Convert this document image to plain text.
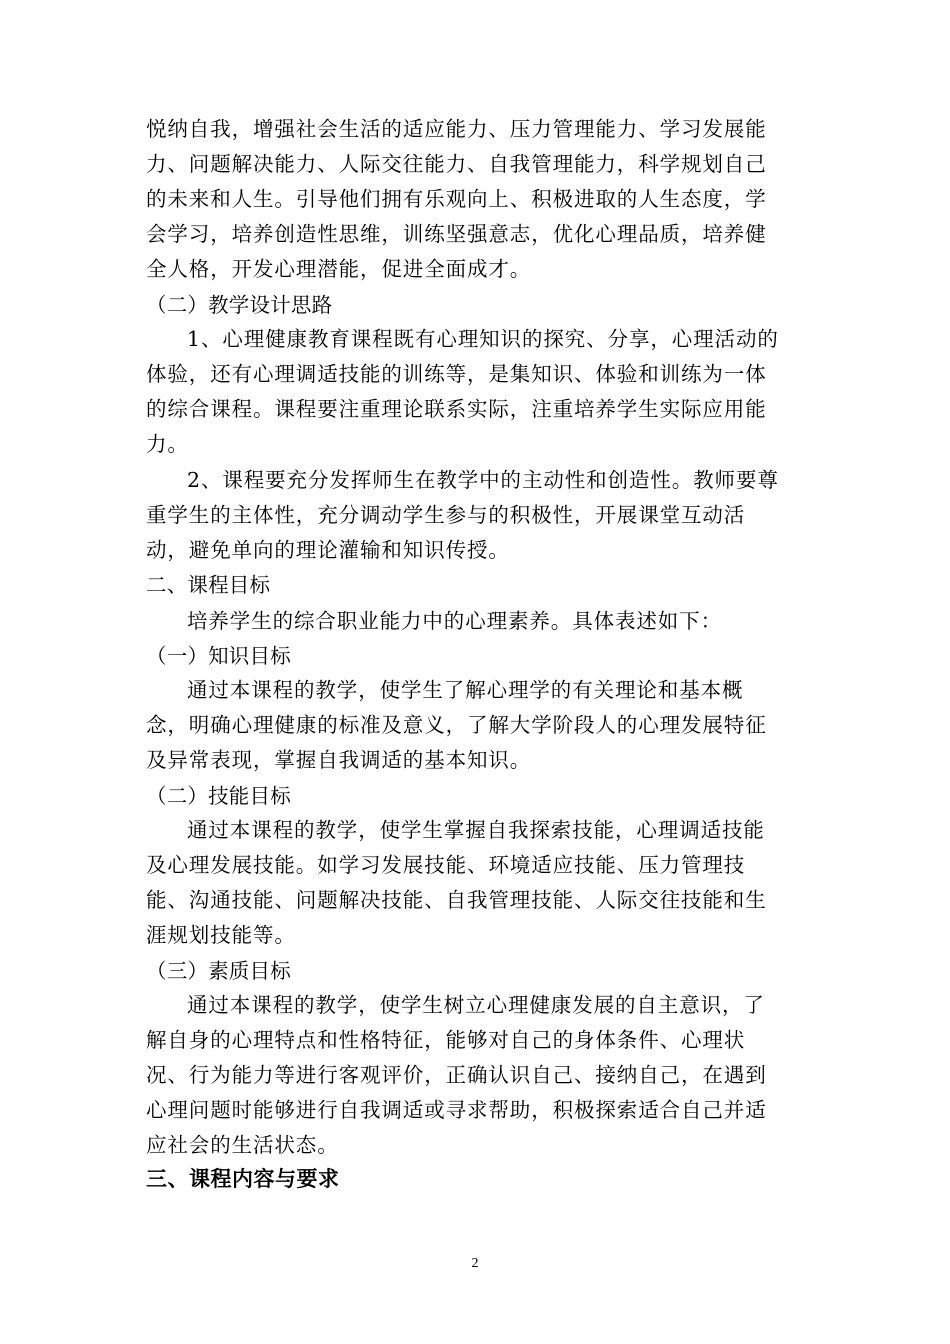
悦纳自我，增强社会生活的适应能力、压力管理能力、学习发展能
力、问题解决能力、人际交往能力、自我管理能力，科学规划自己
的未来和人生。引导他们拥有乐观向上、积极进取的人生态度，学
会学习，培养创造性思维，训练坚强意志，优化心理品质，培养健
全人格，开发心理潜能，促进全面成才。
（二）教学设计思路
1、心理健康教育课程既有心理知识的探究、分享，心理活动的
体验，还有心理调适技能的训练等，是集知识、体验和训练为一体
的综合课程。课程要注重理论联系实际，注重培养学生实际应用能
力。
2、课程要充分发挥师生在教学中的主动性和创造性。教师要尊
重学生的主体性，充分调动学生参与的积极性，开展课堂互动活
动，避免单向的理论灌输和知识传授。
二、课程目标
培养学生的综合职业能力中的心理素养。具体表述如下：
（一）知识目标
通过本课程的教学，使学生了解心理学的有关理论和基本概
念，明确心理健康的标准及意义，了解大学阶段人的心理发展特征
及异常表现，掌握自我调适的基本知识。
（二）技能目标
通过本课程的教学，使学生掌握自我探索技能，心理调适技能
及心理发展技能。如学习发展技能、环境适应技能、压力管理技
能、沟通技能、问题解决技能、自我管理技能、人际交往技能和生
涯规划技能等。
（三）素质目标
通过本课程的教学，使学生树立心理健康发展的自主意识，了
解自身的心理特点和性格特征，能够对自己的身体条件、心理状
况、行为能力等进行客观评价，正确认识自己、接纳自己，在遇到
心理问题时能够进行自我调适或寻求帮助，积极探索适合自己并适
应社会的生活状态。
三、课程内容与要求
2
